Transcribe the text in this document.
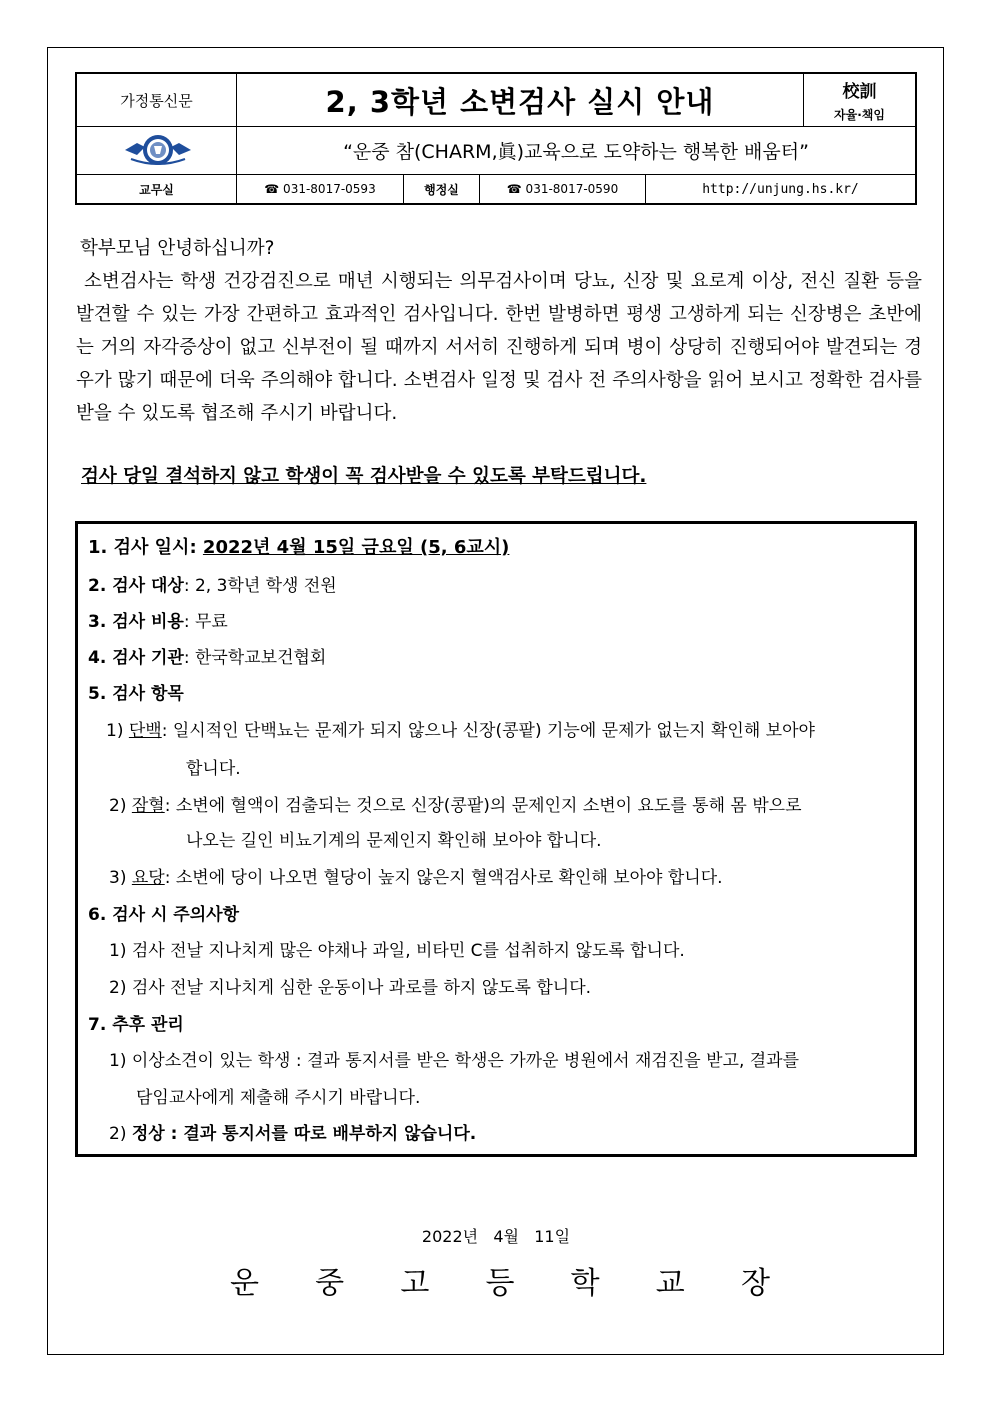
가정통신문	2, 3학년 소변검사 실시 안내	校訓
자율·책임
“운중 참(CHARM,眞)교육으로 도약하는 행복한 배움터”
교무실	☎ 031-8017-0593	행정실	☎ 031-8017-0590	http://unjung.hs.kr/
학부모님 안녕하십니까?
소변검사는 학생 건강검진으로 매년 시행되는 의무검사이며 당뇨, 신장 및 요로계 이상, 전신 질환 등을 발견할 수 있는 가장 간편하고 효과적인 검사입니다. 한번 발병하면 평생 고생하게 되는 신장병은 초반에는 거의 자각증상이 없고 신부전이 될 때까지 서서히 진행하게 되며 병이 상당히 진행되어야 발견되는 경우가 많기 때문에 더욱 주의해야 합니다. 소변검사 일정 및 검사 전 주의사항을 읽어 보시고 정확한 검사를 받을 수 있도록 협조해 주시기 바랍니다.
검사 당일 결석하지 않고 학생이 꼭 검사받을 수 있도록 부탁드립니다.
1. 검사 일시: 2022년 4월 15일 금요일 (5, 6교시)
2. 검사 대상: 2, 3학년 학생 전원
3. 검사 비용: 무료
4. 검사 기관: 한국학교보건협회
5. 검사 항목
1) 단백: 일시적인 단백뇨는 문제가 되지 않으나 신장(콩팥) 기능에 문제가 없는지 확인해 보아야
합니다.
2) 잠혈: 소변에 혈액이 검출되는 것으로 신장(콩팥)의 문제인지 소변이 요도를 통해 몸 밖으로
나오는 길인 비뇨기계의 문제인지 확인해 보아야 합니다.
3) 요당: 소변에 당이 나오면 혈당이 높지 않은지 혈액검사로 확인해 보아야 합니다.
6. 검사 시 주의사항
1) 검사 전날 지나치게 많은 야채나 과일, 비타민 C를 섭취하지 않도록 합니다.
2) 검사 전날 지나치게 심한 운동이나 과로를 하지 않도록 합니다.
7. 추후 관리
1) 이상소견이 있는 학생 : 결과 통지서를 받은 학생은 가까운 병원에서 재검진을 받고, 결과를
담임교사에게 제출해 주시기 바랍니다.
2) 정상 : 결과 통지서를 따로 배부하지 않습니다.
2022년   4월   11일
운 중 고 등 학 교 장
